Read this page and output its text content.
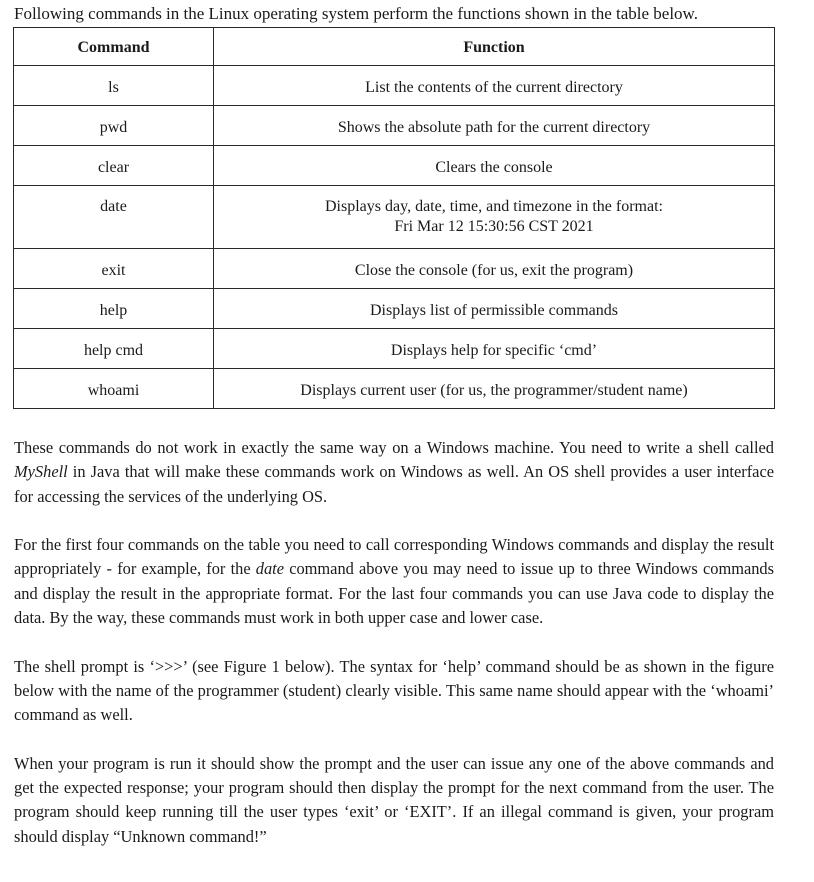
Following commands in the Linux operating system perform the functions shown in the table below.
Command	Function
ls	List the contents of the current directory
pwd	Shows the absolute path for the current directory
clear	Clears the console
date	Displays day, date, time, and timezone in the format:
Fri Mar 12 15:30:56 CST 2021

exit	Close the console (for us, exit the program)
help	Displays list of permissible commands
help cmd	Displays help for specific ‘cmd’
whoami	Displays current user (for us, the programmer/student name)

These commands do not work in exactly the same way on a Windows machine. You need to write a shell called MyShell in Java that will make these commands work on Windows as well. An OS shell provides a user interface for accessing the services of the underlying OS.

For the first four commands on the table you need to call corresponding Windows commands and display the result appropriately - for example, for the date command above you may need to issue up to three Windows commands and display the result in the appropriate format. For the last four commands you can use Java code to display the data. By the way, these commands must work in both upper case and lower case.

The shell prompt is ‘>>>’ (see Figure 1 below). The syntax for ‘help’ command should be as shown in the figure below with the name of the programmer (student) clearly visible. This same name should appear with the ‘whoami’ command as well.

When your program is run it should show the prompt and the user can issue any one of the above commands and get the expected response; your program should then display the prompt for the next command from the user. The program should keep running till the user types ‘exit’ or ‘EXIT’. If an illegal command is given, your program should display “Unknown command!”
